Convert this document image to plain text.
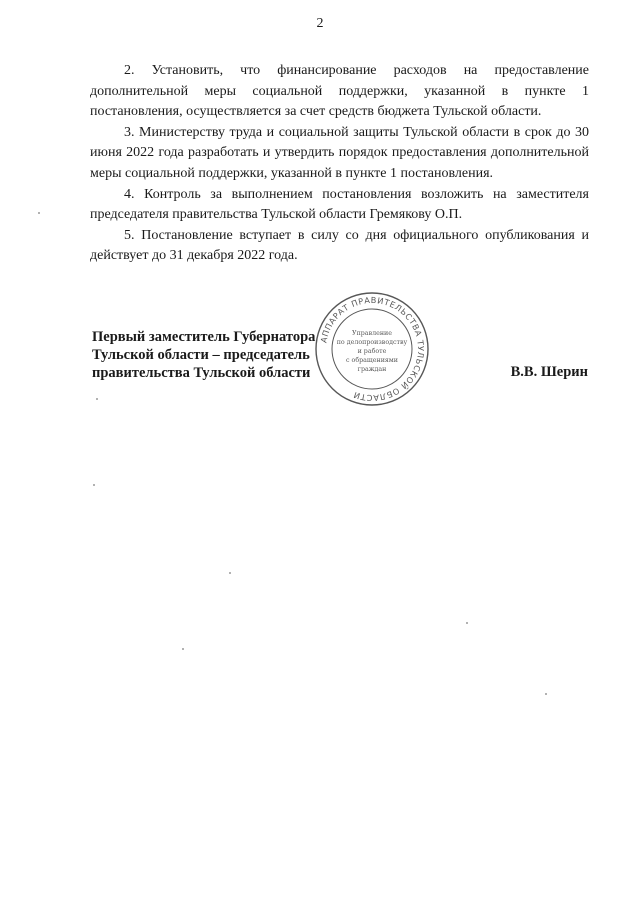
2

2. Установить, что финансирование расходов на предоставление дополнительной меры социальной поддержки, указанной в пункте 1 постановления, осуществляется за счет средств бюджета Тульской области.

3. Министерству труда и социальной защиты Тульской области в срок до 30 июня 2022 года разработать и утвердить порядок предоставления дополнительной меры социальной поддержки, указанной в пункте 1 постановления.

4. Контроль за выполнением постановления возложить на заместителя председателя правительства Тульской области Гремякову О.П.

5. Постановление вступает в силу со дня официального опубликования и действует до 31 декабря 2022 года.

АППАРАТ ПРАВИТЕЛЬСТВА ТУЛЬСКОЙ ОБЛАСТИ
Управление
по делопроизводству
и работе
с обращениями
граждан
Первый заместитель Губернатора
Тульской области – председатель
правительства Тульской области	В.В. Шерин
